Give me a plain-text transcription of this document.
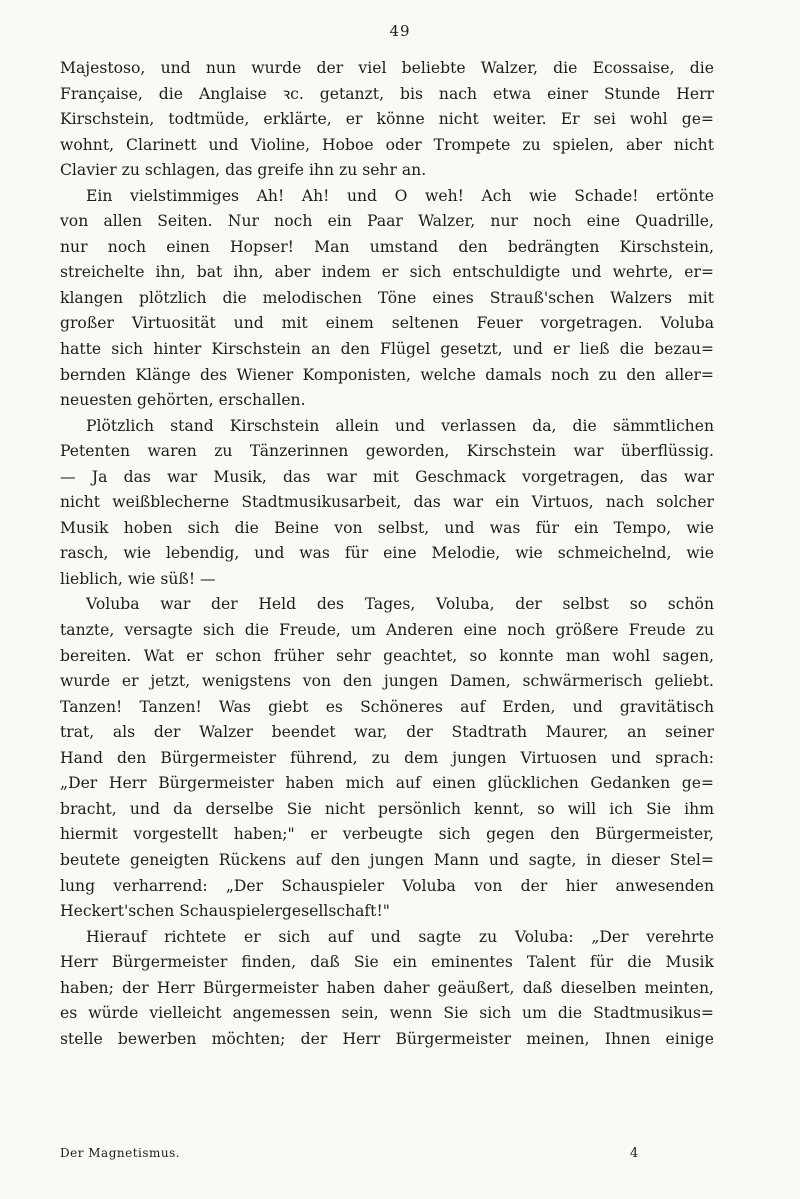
49
Majestoso, und nun wurde der viel beliebte Walzer, die Ecossaise, die
Française, die Anglaise ꝛc. getanzt, bis nach etwa einer Stunde Herr
Kirschstein, todtmüde, erklärte, er könne nicht weiter. Er sei wohl ge=
wohnt, Clarinett und Violine, Hoboe oder Trompete zu spielen, aber nicht
Clavier zu schlagen, das greife ihn zu sehr an.
Ein vielstimmiges Ah! Ah! und O weh! Ach wie Schade! ertönte
von allen Seiten. Nur noch ein Paar Walzer, nur noch eine Quadrille,
nur noch einen Hopser! Man umstand den bedrängten Kirschstein,
streichelte ihn, bat ihn, aber indem er sich entschuldigte und wehrte, er=
klangen plötzlich die melodischen Töne eines Strauß'schen Walzers mit
großer Virtuosität und mit einem seltenen Feuer vorgetragen. Voluba
hatte sich hinter Kirschstein an den Flügel gesetzt, und er ließ die bezau=
bernden Klänge des Wiener Komponisten, welche damals noch zu den aller=
neuesten gehörten, erschallen.
Plötzlich stand Kirschstein allein und verlassen da, die sämmtlichen
Petenten waren zu Tänzerinnen geworden, Kirschstein war überflüssig.
— Ja das war Musik, das war mit Geschmack vorgetragen, das war
nicht weißblecherne Stadtmusikusarbeit, das war ein Virtuos, nach solcher
Musik hoben sich die Beine von selbst, und was für ein Tempo, wie
rasch, wie lebendig, und was für eine Melodie, wie schmeichelnd, wie
lieblich, wie süß! —
Voluba war der Held des Tages, Voluba, der selbst so schön
tanzte, versagte sich die Freude, um Anderen eine noch größere Freude zu
bereiten. Wat er schon früher sehr geachtet, so konnte man wohl sagen,
wurde er jetzt, wenigstens von den jungen Damen, schwärmerisch geliebt.
Tanzen! Tanzen! Was giebt es Schöneres auf Erden, und gravitätisch
trat, als der Walzer beendet war, der Stadtrath Maurer, an seiner
Hand den Bürgermeister führend, zu dem jungen Virtuosen und sprach:
„Der Herr Bürgermeister haben mich auf einen glücklichen Gedanken ge=
bracht, und da derselbe Sie nicht persönlich kennt, so will ich Sie ihm
hiermit vorgestellt haben;" er verbeugte sich gegen den Bürgermeister,
beutete geneigten Rückens auf den jungen Mann und sagte, in dieser Stel=
lung verharrend: „Der Schauspieler Voluba von der hier anwesenden
Heckert'schen Schauspielergesellschaft!"
Hierauf richtete er sich auf und sagte zu Voluba: „Der verehrte
Herr Bürgermeister finden, daß Sie ein eminentes Talent für die Musik
haben; der Herr Bürgermeister haben daher geäußert, daß dieselben meinten,
es würde vielleicht angemessen sein, wenn Sie sich um die Stadtmusikus=
stelle bewerben möchten; der Herr Bürgermeister meinen, Ihnen einige
Der Magnetismus.	4
